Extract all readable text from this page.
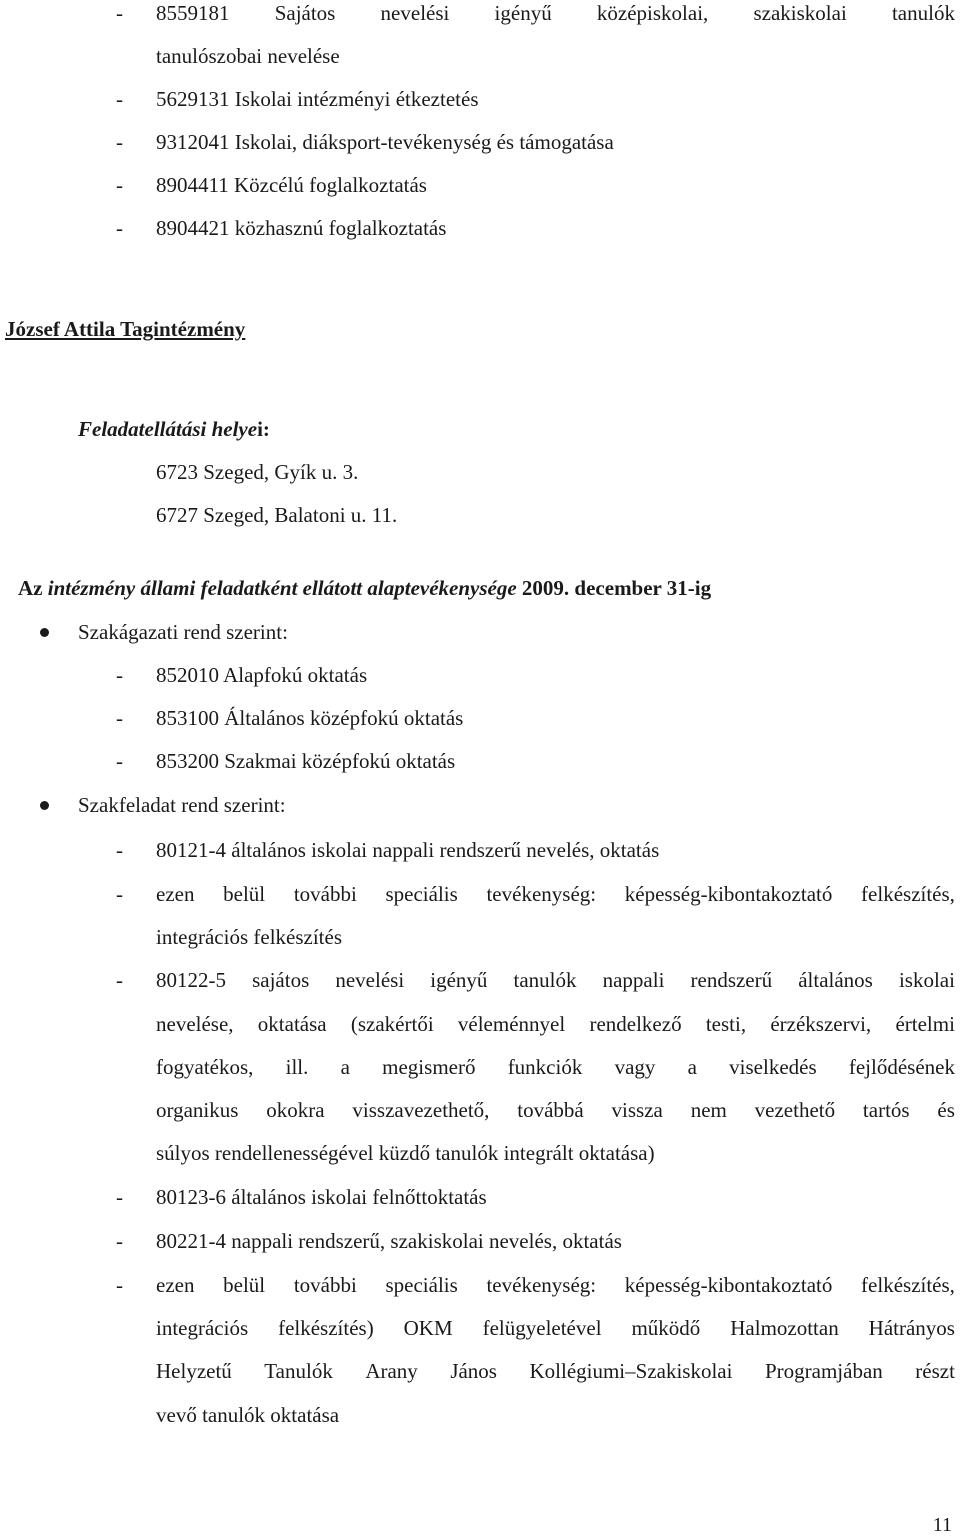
- 8559181 Sajátos nevelési igényű középiskolai, szakiskolai tanulók
tanulószobai nevelése
- 5629131 Iskolai intézményi étkeztetés
- 9312041 Iskolai, diáksport-tevékenység és támogatása
- 8904411 Közcélú foglalkoztatás
- 8904421 közhasznú foglalkoztatás
József Attila Tagintézmény
Feladatellátási helyei:
6723 Szeged, Gyík u. 3.
6727 Szeged, Balatoni u. 11.
Az intézmény állami feladatként ellátott alaptevékenysége 2009. december 31-ig
Szakágazati rend szerint:
- 852010 Alapfokú oktatás
- 853100 Általános középfokú oktatás
- 853200 Szakmai középfokú oktatás
Szakfeladat rend szerint:
- 80121-4 általános iskolai nappali rendszerű nevelés, oktatás
- ezen belül további speciális tevékenység: képesség-kibontakoztató felkészítés,
integrációs felkészítés
- 80122-5 sajátos nevelési igényű tanulók nappali rendszerű általános iskolai
nevelése, oktatása (szakértői véleménnyel rendelkező testi, érzékszervi, értelmi
fogyatékos, ill. a megismerő funkciók vagy a viselkedés fejlődésének
organikus okokra visszavezethető, továbbá vissza nem vezethető tartós és
súlyos rendellenességével küzdő tanulók integrált oktatása)
- 80123-6 általános iskolai felnőttoktatás
- 80221-4 nappali rendszerű, szakiskolai nevelés, oktatás
- ezen belül további speciális tevékenység: képesség-kibontakoztató felkészítés,
integrációs felkészítés) OKM felügyeletével működő Halmozottan Hátrányos
Helyzetű Tanulók Arany János Kollégiumi–Szakiskolai Programjában részt
vevő tanulók oktatása
11
